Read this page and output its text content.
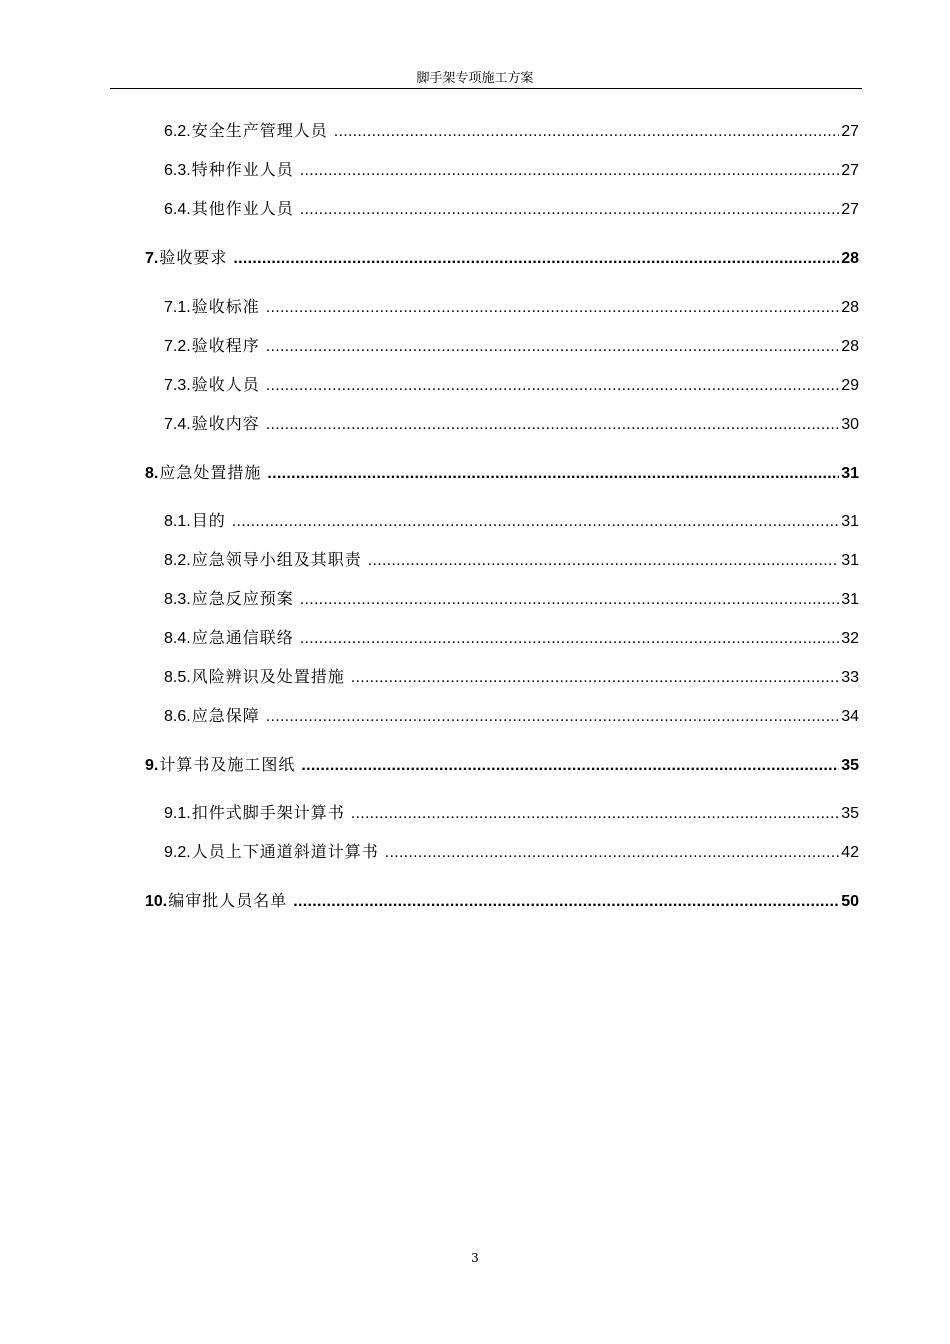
脚手架专项施工方案
6.2. 安全生产管理人员 .....	27
6.3. 特种作业人员 .....	27
6.4. 其他作业人员 .....	27
7. 验收要求 .....	28
7.1. 验收标准 .....	28
7.2. 验收程序 .....	28
7.3. 验收人员 .....	29
7.4. 验收内容 .....	30
8. 应急处置措施 .....	31
8.1. 目的 .....	31
8.2. 应急领导小组及其职责 .....	31
8.3. 应急反应预案 .....	31
8.4. 应急通信联络 .....	32
8.5. 风险辨识及处置措施 .....	33
8.6. 应急保障 .....	34
9. 计算书及施工图纸 .....	35
9.1. 扣件式脚手架计算书 .....	35
9.2. 人员上下通道斜道计算书 .....	42
10. 编审批人员名单 .....	50
3
